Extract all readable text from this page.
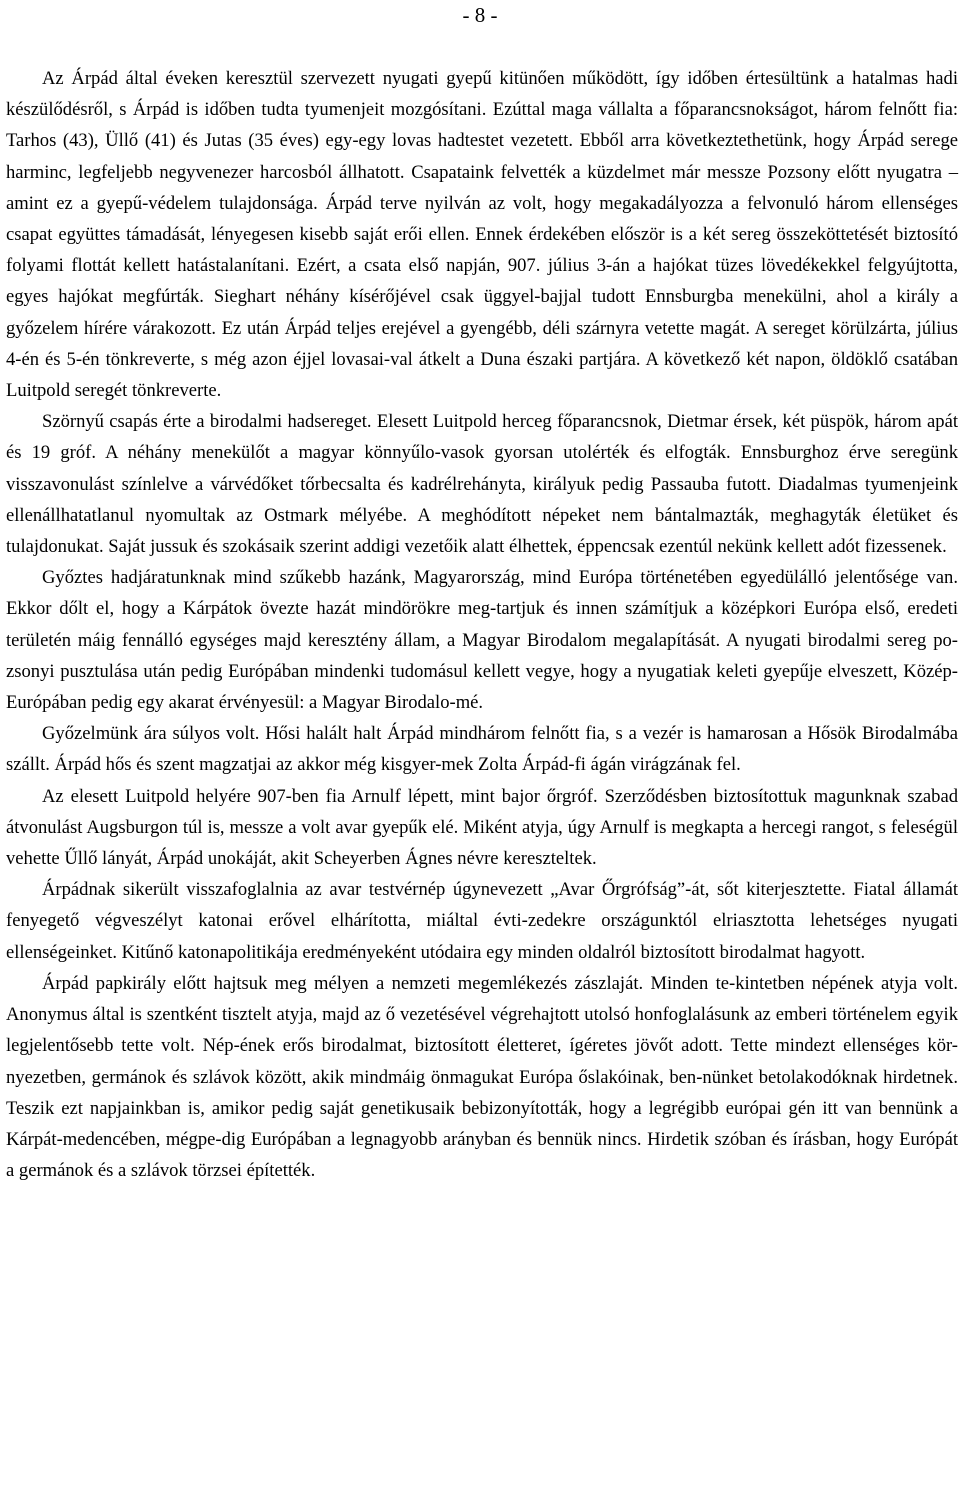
- 8 -

Az Árpád által éveken keresztül szervezett nyugati gyepű kitünően működött, így időben értesültünk a hatalmas hadi készülődésről, s Árpád is időben tudta tyumenjeit mozgósítani. Ezúttal maga vállalta a főparancsnokságot, három felnőtt fia: Tarhos (43), Üllő (41) és Jutas (35 éves) egy-egy lovas hadtestet vezetett. Ebből arra következtethetünk, hogy Árpád serege harminc, legfeljebb negyvenezer harcosból állhatott. Csapataink felvették a küzdelmet már messze Pozsony előtt nyugatra – amint ez a gyepű-védelem tulajdonsága. Árpád terve nyilván az volt, hogy megakadályozza a felvonuló három ellenséges csapat együttes támadását, lényegesen kisebb saját erői ellen. Ennek érdekében először is a két sereg összeköttetését biztosító folyami flottát kellett hatástalanítani. Ezért, a csata első napján, 907. július 3-án a hajókat tüzes lövedékekkel felgyújtotta, egyes hajókat megfúrták. Sieghart néhány kísérőjével csak üggyel-bajjal tudott Ennsburgba menekülni, ahol a király a győzelem hírére várakozott. Ez után Árpád teljes erejével a gyengébb, déli szárnyra vetette magát. A sereget körülzárta, július 4-én és 5-én tönkreverte, s még azon éjjel lovasai-val átkelt a Duna északi partjára. A következő két napon, öldöklő csatában Luitpold seregét tönkreverte.

Szörnyű csapás érte a birodalmi hadsereget. Elesett Luitpold herceg főparancsnok, Dietmar érsek, két püspök, három apát és 19 gróf. A néhány menekülőt a magyar könnyűlo-vasok gyorsan utolérték és elfogták. Ennsburghoz érve seregünk visszavonulást színlelve a várvédőket tőrbecsalta és kadrélrehányta, királyuk pedig Passauba futott. Diadalmas tyumenjeink ellenállhatatlanul nyomultak az Ostmark mélyébe. A meghódított népeket nem bántalmazták, meghagyták életüket és tulajdonukat. Saját jussuk és szokásaik szerint addigi vezetőik alatt élhettek, éppencsak ezentúl nekünk kellett adót fizessenek.

Győztes hadjáratunknak mind szűkebb hazánk, Magyarország, mind Európa történetében egyedülálló jelentősége van. Ekkor dőlt el, hogy a Kárpátok övezte hazát mindörökre meg-tartjuk és innen számítjuk a középkori Európa első, eredeti területén máig fennálló egységes majd keresztény állam, a Magyar Birodalom megalapítását. A nyugati birodalmi sereg po-zsonyi pusztulása után pedig Európában mindenki tudomásul kellett vegye, hogy a nyugatiak keleti gyepűje elveszett, Közép-Európában pedig egy akarat érvényesül: a Magyar Birodalo-mé.

Győzelmünk ára súlyos volt. Hősi halált halt Árpád mindhárom felnőtt fia, s a vezér is hamarosan a Hősök Birodalmába szállt. Árpád hős és szent magzatjai az akkor még kisgyer-mek Zolta Árpád-fi ágán virágzának fel.

Az elesett Luitpold helyére 907-ben fia Arnulf lépett, mint bajor őrgróf. Szerződésben biztosítottuk magunknak szabad átvonulást Augsburgon túl is, messze a volt avar gyepűk elé. Miként atyja, úgy Arnulf is megkapta a hercegi rangot, s feleségül vehette Űllő lányát, Árpád unokáját, akit Scheyerben Ágnes névre kereszteltek.

Árpádnak sikerült visszafoglalnia az avar testvérnép úgynevezett „Avar Őrgrófság”-át, sőt kiterjesztette. Fiatal államát fenyegető végveszélyt katonai erővel elhárította, miáltal évti-zedekre országunktól elriasztotta lehetséges nyugati ellenségeinket. Kitűnő katonapolitikája eredményeként utódaira egy minden oldalról biztosított birodalmat hagyott.

Árpád papkirály előtt hajtsuk meg mélyen a nemzeti megemlékezés zászlaját. Minden te-kintetben népének atyja volt. Anonymus által is szentként tisztelt atyja, majd az ő vezetésével végrehajtott utolsó honfoglalásunk az emberi történelem egyik legjelentősebb tette volt. Nép-ének erős birodalmat, biztosított életteret, ígéretes jövőt adott. Tette mindezt ellenséges kör-nyezetben, germánok és szlávok között, akik mindmáig önmagukat Európa őslakóinak, ben-nünket betolakodóknak hirdetnek. Teszik ezt napjainkban is, amikor pedig saját genetikusaik bebizonyították, hogy a legrégibb európai gén itt van bennünk a Kárpát-medencében, mégpe-dig Európában a legnagyobb arányban és bennük nincs. Hirdetik szóban és írásban, hogy Európát a germánok és a szlávok törzsei építették.
